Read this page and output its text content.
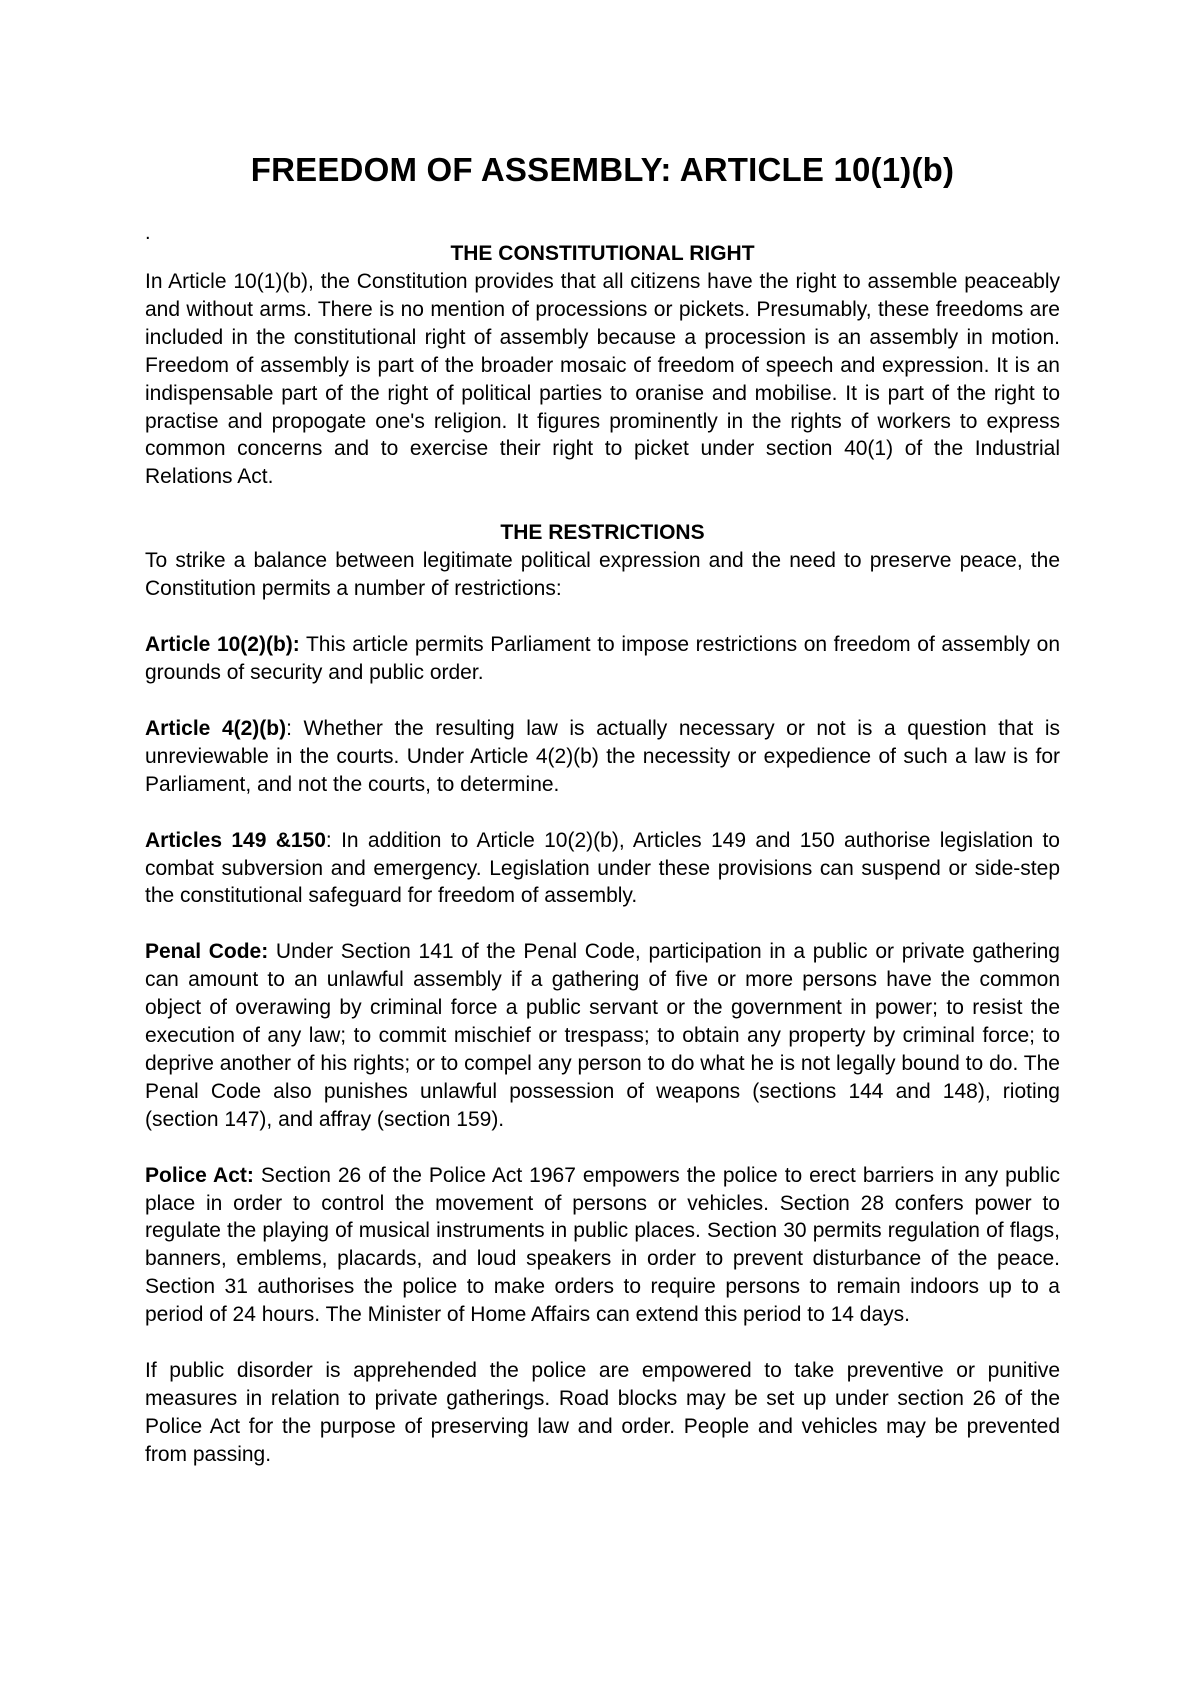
FREEDOM OF ASSEMBLY: ARTICLE 10(1)(b)

.

THE CONSTITUTIONAL RIGHT

In Article 10(1)(b), the Constitution provides that all citizens have the right to assemble peaceably and without arms. There is no mention of processions or pickets. Presumably, these freedoms are included in the constitutional right of assembly because a procession is an assembly in motion. Freedom of assembly is part of the broader mosaic of freedom of speech and expression. It is an indispensable part of the right of political parties to oranise and mobilise. It is part of the right to practise and propogate one's religion. It figures prominently in the rights of workers to express common concerns and to exercise their right to picket under section 40(1) of the Industrial Relations Act.

THE RESTRICTIONS

To strike a balance between legitimate political expression and the need to preserve peace, the Constitution permits a number of restrictions:

Article 10(2)(b): This article permits Parliament to impose restrictions on freedom of assembly on grounds of security and public order.

Article 4(2)(b): Whether the resulting law is actually necessary or not is a question that is unreviewable in the courts. Under Article 4(2)(b) the necessity or expedience of such a law is for Parliament, and not the courts, to determine.

Articles 149 &150: In addition to Article 10(2)(b), Articles 149 and 150 authorise legislation to combat subversion and emergency. Legislation under these provisions can suspend or side-step the constitutional safeguard for freedom of assembly.

Penal Code: Under Section 141 of the Penal Code, participation in a public or private gathering can amount to an unlawful assembly if a gathering of five or more persons have the common object of overawing by criminal force a public servant or the government in power; to resist the execution of any law; to commit mischief or trespass; to obtain any property by criminal force; to deprive another of his rights; or to compel any person to do what he is not legally bound to do. The Penal Code also punishes unlawful possession of weapons (sections 144 and 148), rioting (section 147), and affray (section 159).

Police Act: Section 26 of the Police Act 1967 empowers the police to erect barriers in any public place in order to control the movement of persons or vehicles. Section 28 confers power to regulate the playing of musical instruments in public places. Section 30 permits regulation of flags, banners, emblems, placards, and loud speakers in order to prevent disturbance of the peace. Section 31 authorises the police to make orders to require persons to remain indoors up to a period of 24 hours. The Minister of Home Affairs can extend this period to 14 days.

If public disorder is apprehended the police are empowered to take preventive or punitive measures in relation to private gatherings. Road blocks may be set up under section 26 of the Police Act for the purpose of preserving law and order. People and vehicles may be prevented from passing.
